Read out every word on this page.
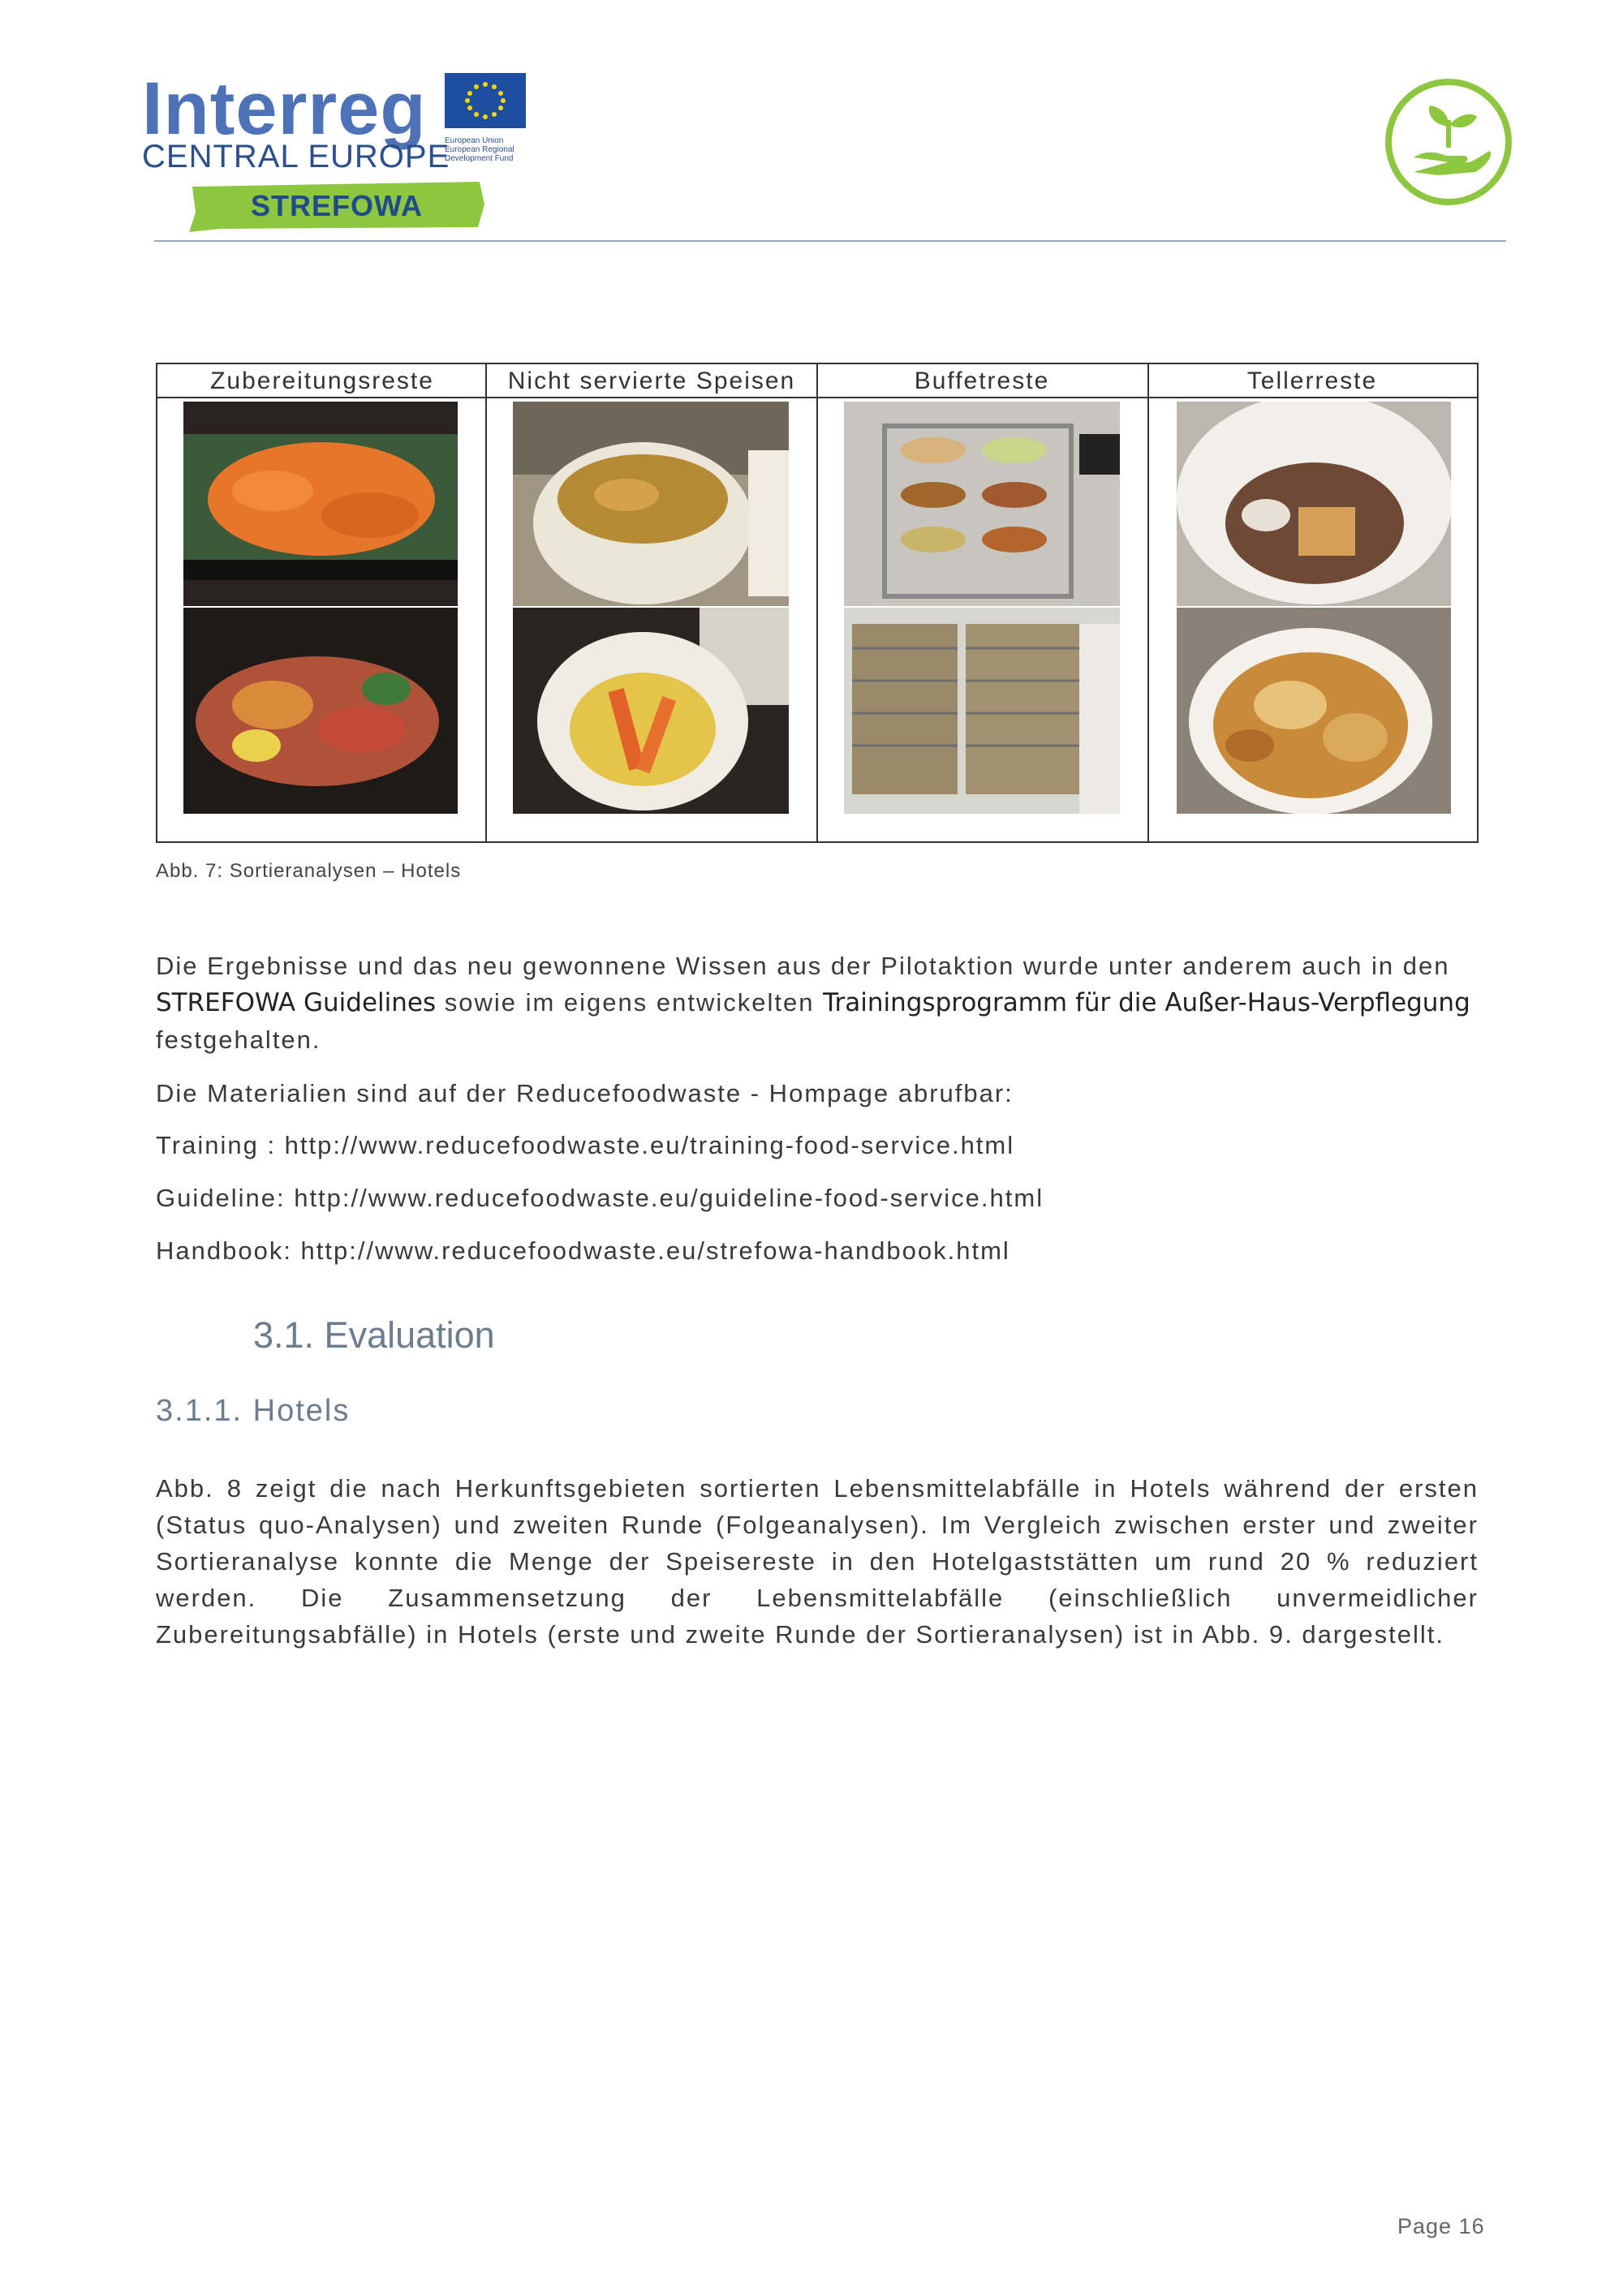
Interreg
CENTRAL EUROPE
European Union
European Regional
Development Fund
STREFOWA
Zubereitungsreste	Nicht servierte Speisen	Buffetreste	Tellerreste
Abb. 7: Sortieranalysen – Hotels

Die Ergebnisse und das neu gewonnene Wissen aus der Pilotaktion wurde unter anderem auch in den
STREFOWA Guidelines sowie im eigens entwickelten Trainingsprogramm für die Außer-Haus-Verpflegung festgehalten.

Die Materialien sind auf der Reducefoodwaste - Hompage abrufbar:
Training : http://www.reducefoodwaste.eu/training-food-service.html
Guideline: http://www.reducefoodwaste.eu/guideline-food-service.html
Handbook: http://www.reducefoodwaste.eu/strefowa-handbook.html
3.1. Evaluation
3.1.1. Hotels

Abb. 8 zeigt die nach Herkunftsgebieten sortierten Lebensmittelabfälle in Hotels während der ersten (Status quo-Analysen) und zweiten Runde (Folgeanalysen). Im Vergleich zwischen erster und zweiter Sortieranalyse konnte die Menge der Speisereste in den Hotelgaststätten um rund 20 % reduziert werden. Die Zusammensetzung der Lebensmittelabfälle (einschließlich unvermeidlicher Zubereitungsabfälle) in Hotels (erste und zweite Runde der Sortieranalysen) ist in Abb. 9. dargestellt.

Page 16
